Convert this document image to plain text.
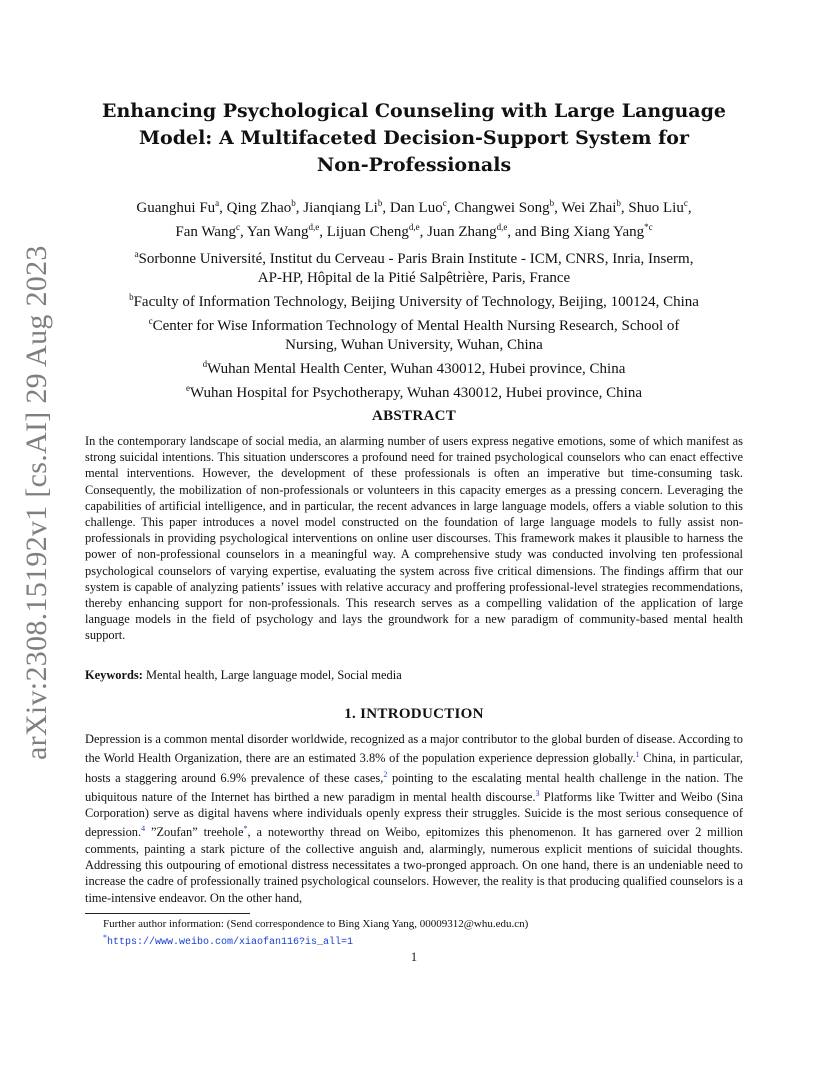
arXiv:2308.15192v1 [cs.AI] 29 Aug 2023
Enhancing Psychological Counseling with Large Language
Model: A Multifaceted Decision-Support System for
Non-Professionals
Guanghui Fu$^a$, Qing Zhao$^b$, Jianqiang Li$^b$, Dan Luo$^c$, Changwei Song$^b$, Wei Zhai$^b$, Shuo Liu$^c$,
Fan Wang$^c$, Yan Wang$^{d,e}$, Lijuan Cheng$^{d,e}$, Juan Zhang$^{d,e}$, and Bing Xiang Yang$^{*c}$
$^a$Sorbonne Université, Institut du Cerveau - Paris Brain Institute - ICM, CNRS, Inria, Inserm,
AP-HP, Hôpital de la Pitié Salpêtrière, Paris, France
$^b$Faculty of Information Technology, Beijing University of Technology, Beijing, 100124, China
$^c$Center for Wise Information Technology of Mental Health Nursing Research, School of
Nursing, Wuhan University, Wuhan, China
$^d$Wuhan Mental Health Center, Wuhan 430012, Hubei province, China
$^e$Wuhan Hospital for Psychotherapy, Wuhan 430012, Hubei province, China
ABSTRACT

In the contemporary landscape of social media, an alarming number of users express negative emotions, some of which manifest as strong suicidal intentions. This situation underscores a profound need for trained psychological counselors who can enact effective mental interventions. However, the development of these professionals is often an imperative but time-consuming task. Consequently, the mobilization of non-professionals or volunteers in this capacity emerges as a pressing concern. Leveraging the capabilities of artificial intelligence, and in particular, the recent advances in large language models, offers a viable solution to this challenge. This paper introduces a novel model constructed on the foundation of large language models to fully assist non-professionals in providing psychological interventions on online user discourses. This framework makes it plausible to harness the power of non-professional counselors in a meaningful way. A comprehensive study was conducted involving ten professional psychological counselors of varying expertise, evaluating the system across five critical dimensions. The findings affirm that our system is capable of analyzing patients’ issues with relative accuracy and proffering professional-level strategies recommendations, thereby enhancing support for non-professionals. This research serves as a compelling validation of the application of large language models in the field of psychology and lays the groundwork for a new paradigm of community-based mental health support.

Keywords: Mental health, Large language model, Social media
1. INTRODUCTION

Depression is a common mental disorder worldwide, recognized as a major contributor to the global burden of disease. According to the World Health Organization, there are an estimated 3.8% of the population experience depression globally.$^1$ China, in particular, hosts a staggering around 6.9% prevalence of these cases,$^2$ pointing to the escalating mental health challenge in the nation. The ubiquitous nature of the Internet has birthed a new paradigm in mental health discourse.$^3$ Platforms like Twitter and Weibo (Sina Corporation) serve as digital havens where individuals openly express their struggles. Suicide is the most serious consequence of depression.$^4$ ”Zoufan” treehole*, a noteworthy thread on Weibo, epitomizes this phenomenon. It has garnered over 2 million comments, painting a stark picture of the collective anguish and, alarmingly, numerous explicit mentions of suicidal thoughts. Addressing this outpouring of emotional distress necessitates a two-pronged approach. On one hand, there is an undeniable need to increase the cadre of professionally trained psychological counselors. However, the reality is that producing qualified counselors is a time-intensive endeavor. On the other hand,

Further author information: (Send correspondence to Bing Xiang Yang, 00009312@whu.edu.cn)
*https://www.weibo.com/xiaofan116?is_all=1
1
